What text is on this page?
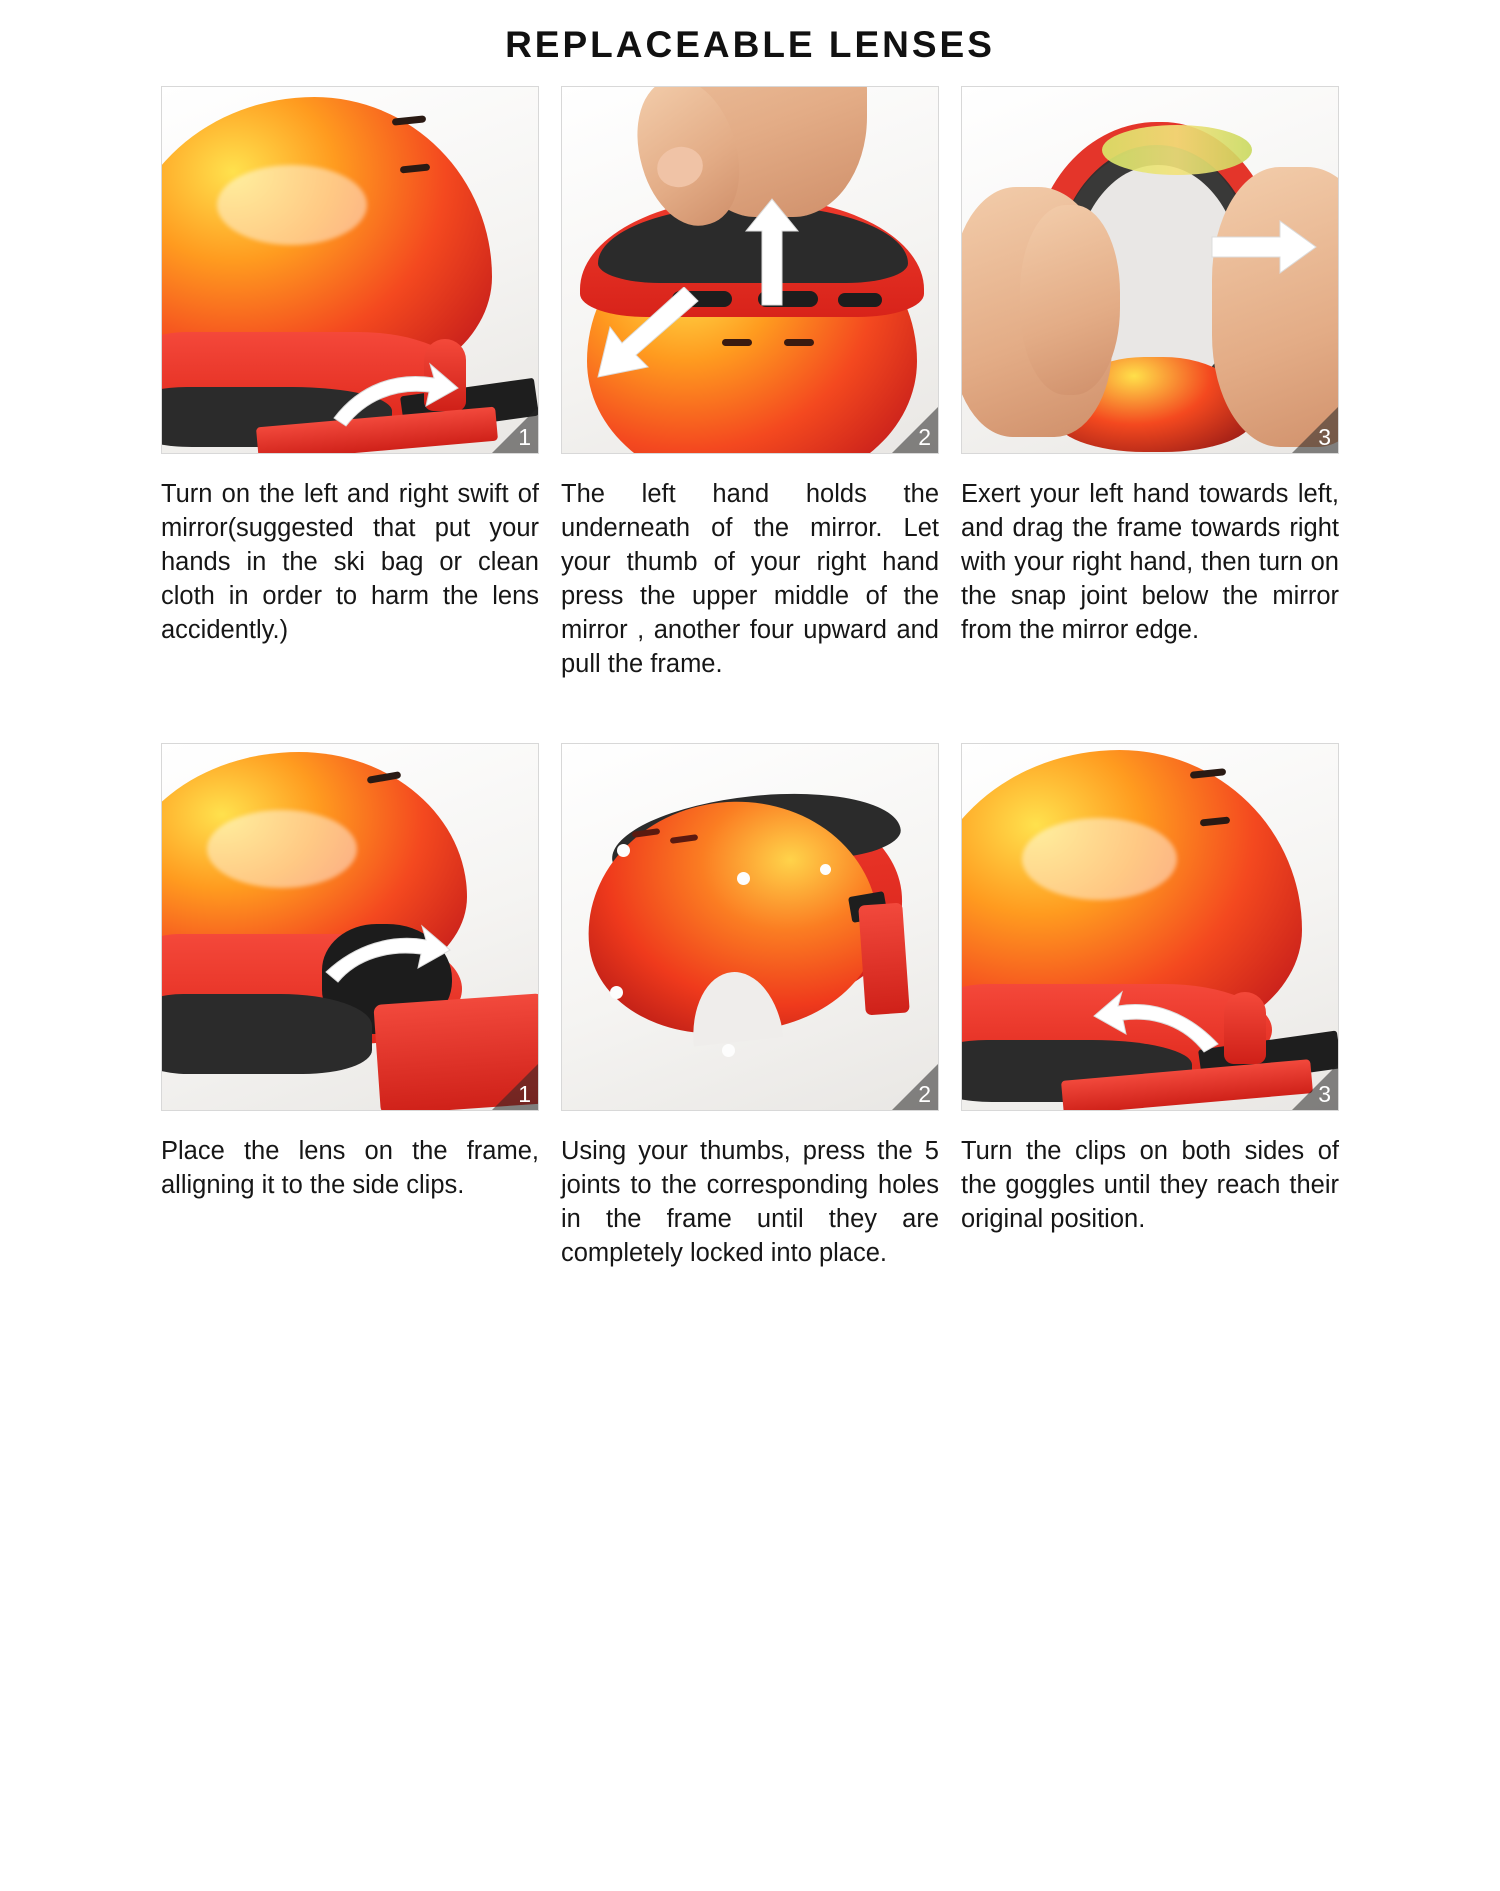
REPLACEABLE LENSES
1
Turn on the left and right swift of mirror(suggested that put your hands in the ski bag or clean cloth in order to harm the lens accidently.)
2
The left hand holds the underneath of the mirror. Let your thumb of your right hand press the upper middle of the mirror , another four upward and pull the frame.
3
Exert your left hand towards left, and drag the frame towards right with your right hand, then turn on the snap joint below the mirror from the mirror edge.
1
Place the lens on the frame, alligning it to the side clips.
2
Using your thumbs, press the 5 joints to the corresponding holes in the frame until they are completely locked into place.
3
Turn the clips on both sides of the goggles until they reach their original position.
